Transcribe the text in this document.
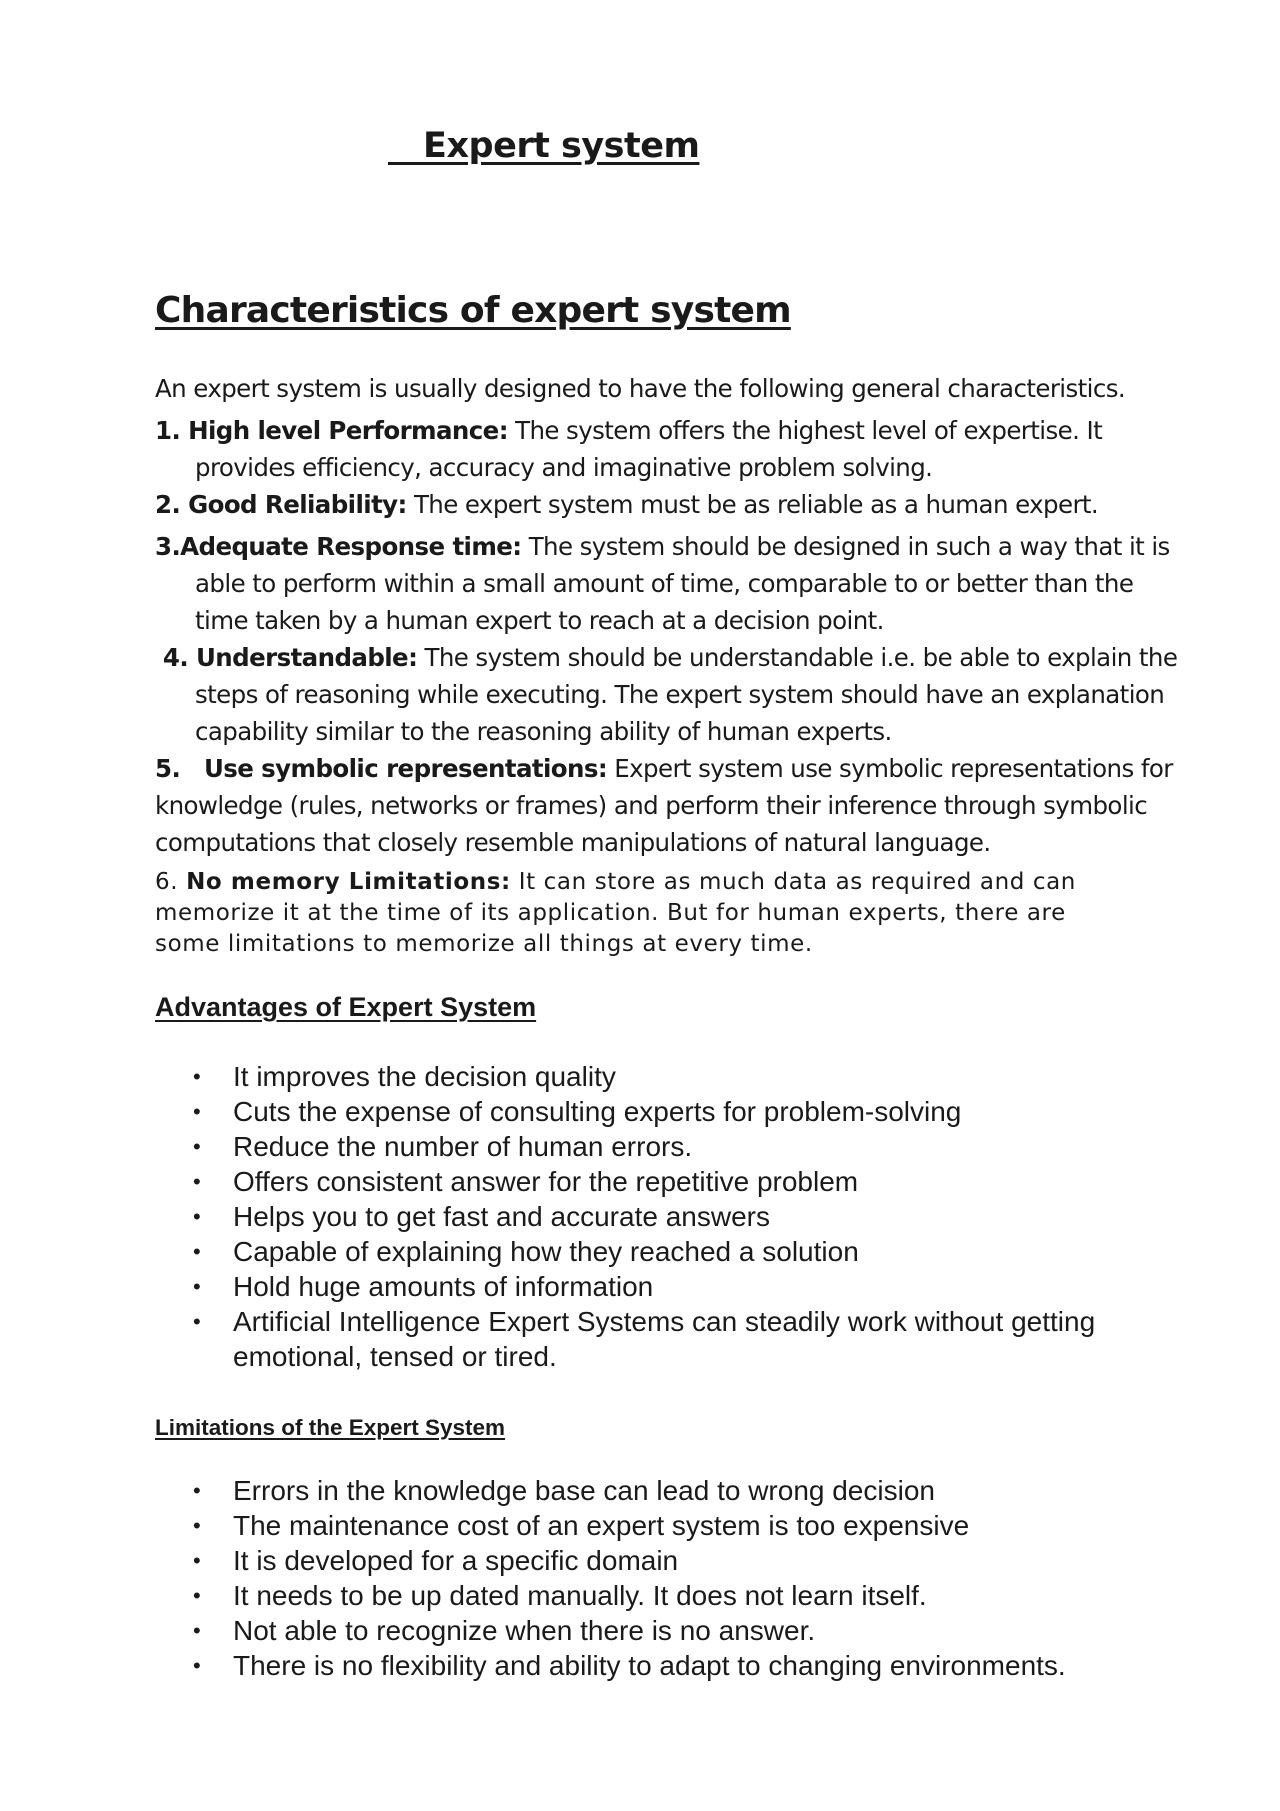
Expert system
Characteristics of expert system
An expert system is usually designed to have the following general characteristics.
1. High level Performance: The system offers the highest level of expertise. It
provides efficiency, accuracy and imaginative problem solving.
2. Good Reliability: The expert system must be as reliable as a human expert.
3.Adequate Response time: The system should be designed in such a way that it is
able to perform within a small amount of time, comparable to or better than the
time taken by a human expert to reach at a decision point.
4. Understandable: The system should be understandable i.e. be able to explain the
steps of reasoning while executing. The expert system should have an explanation
capability similar to the reasoning ability of human experts.
5.   Use symbolic representations: Expert system use symbolic representations for
knowledge (rules, networks or frames) and perform their inference through symbolic
computations that closely resemble manipulations of natural language.
6. No memory Limitations: It can store as much data as required and can
memorize it at the time of its application. But for human experts, there are
some limitations to memorize all things at every time.
Advantages of Expert System
• It improves the decision quality
• Cuts the expense of consulting experts for problem-solving
• Reduce the number of human errors.
• Offers consistent answer for the repetitive problem
• Helps you to get fast and accurate answers
• Capable of explaining how they reached a solution
• Hold huge amounts of information
• Artificial Intelligence Expert Systems can steadily work without getting
emotional, tensed or tired.
Limitations of the Expert System
• Errors in the knowledge base can lead to wrong decision
• The maintenance cost of an expert system is too expensive
• It is developed for a specific domain
• It needs to be up dated manually. It does not learn itself.
• Not able to recognize when there is no answer.
• There is no flexibility and ability to adapt to changing environments.
